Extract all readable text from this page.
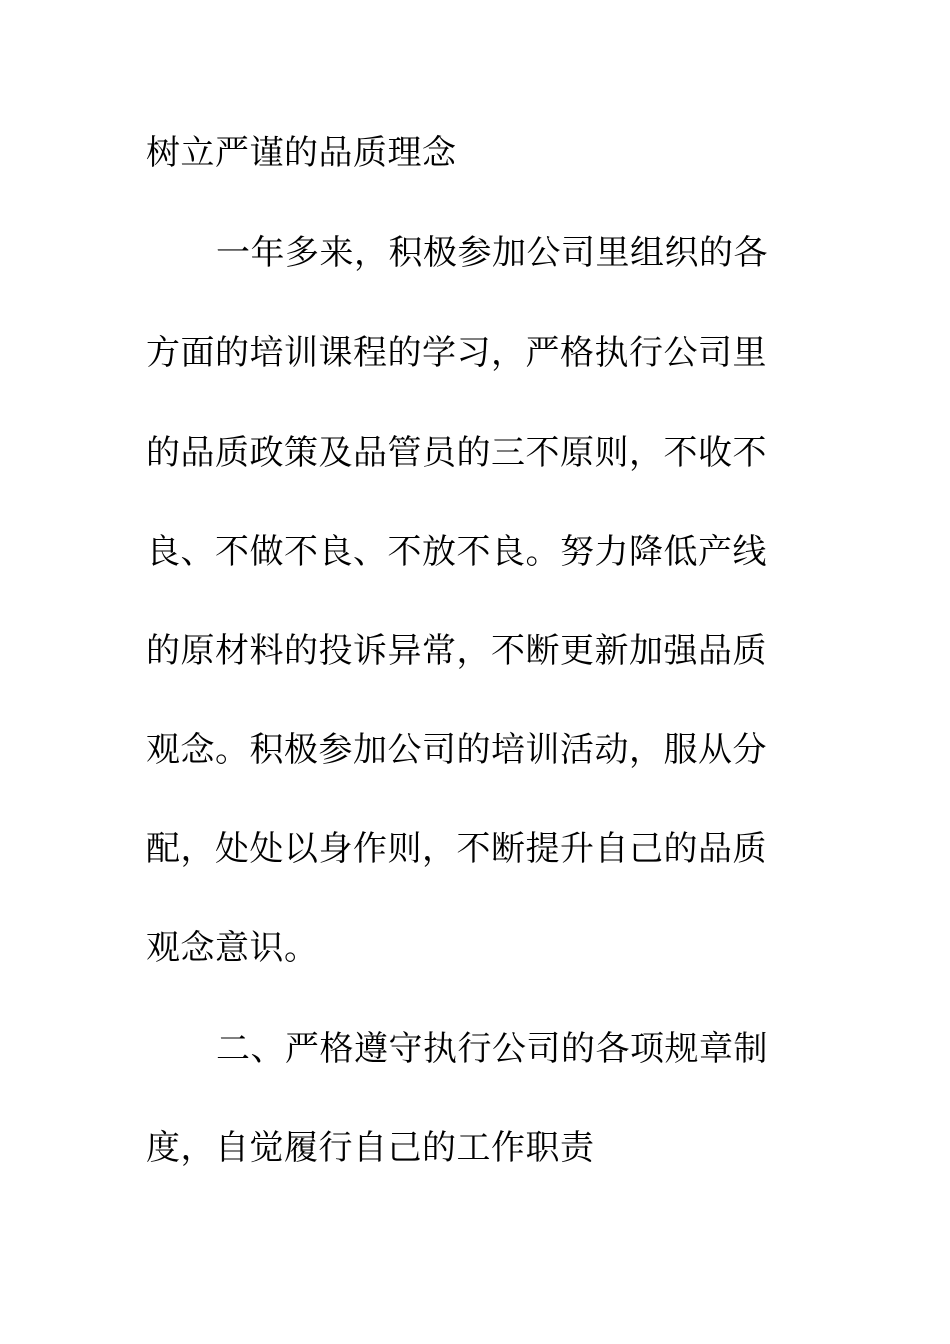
树立严谨的品质理念
一年多来，积极参加公司里组织的各
方面的培训课程的学习，严格执行公司里
的品质政策及品管员的三不原则，不收不
良、不做不良、不放不良。努力降低产线
的原材料的投诉异常，不断更新加强品质
观念。积极参加公司的培训活动，服从分
配，处处以身作则，不断提升自己的品质
观念意识。
二、严格遵守执行公司的各项规章制
度，自觉履行自己的工作职责
